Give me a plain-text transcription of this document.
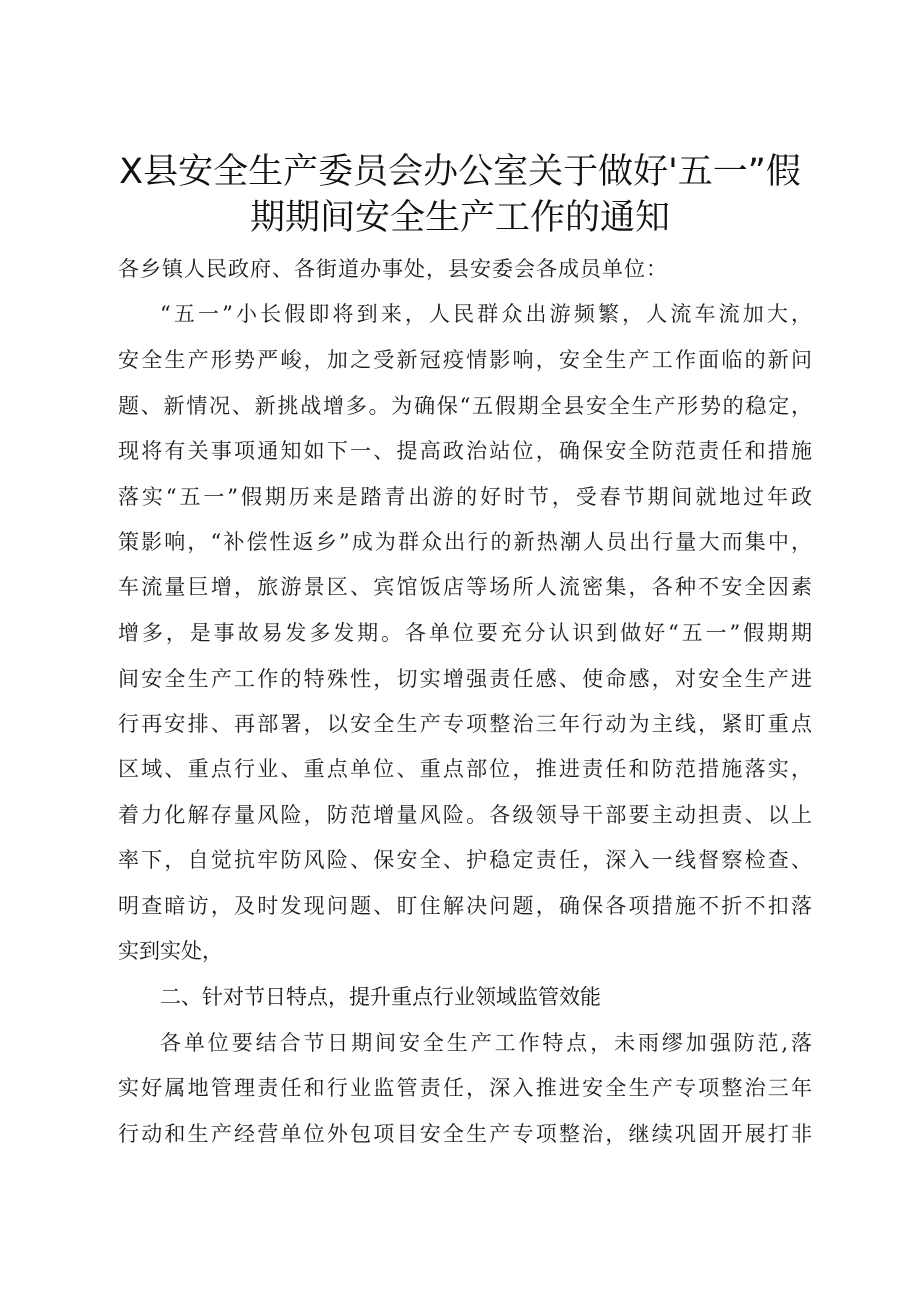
X县安全生产委员会办公室关于做好'五一”假
期期间安全生产工作的通知
各乡镇人民政府、各街道办事处，县安委会各成员单位：
“五一”小长假即将到来，人民群众出游频繁，人流车流加大，
安全生产形势严峻，加之受新冠疫情影响，安全生产工作面临的新问
题、新情况、新挑战增多。为确保“五假期全县安全生产形势的稳定，
现将有关事项通知如下一、提高政治站位，确保安全防范责任和措施
落实“五一”假期历来是踏青出游的好时节，受春节期间就地过年政
策影响，“补偿性返乡”成为群众出行的新热潮人员出行量大而集中，
车流量巨增，旅游景区、宾馆饭店等场所人流密集，各种不安全因素
增多，是事故易发多发期。各单位要充分认识到做好“五一”假期期
间安全生产工作的特殊性，切实增强责任感、使命感，对安全生产进
行再安排、再部署，以安全生产专项整治三年行动为主线，紧盯重点
区域、重点行业、重点单位、重点部位，推进责任和防范措施落实，
着力化解存量风险，防范增量风险。各级领导干部要主动担责、以上
率下，自觉抗牢防风险、保安全、护稳定责任，深入一线督察检查、
明查暗访，及时发现问题、盯住解决问题，确保各项措施不折不扣落
实到实处，
二、针对节日特点，提升重点行业领域监管效能
各单位要结合节日期间安全生产工作特点，未雨缪加强防范,落
实好属地管理责任和行业监管责任，深入推进安全生产专项整治三年
行动和生产经营单位外包项目安全生产专项整治，继续巩固开展打非
